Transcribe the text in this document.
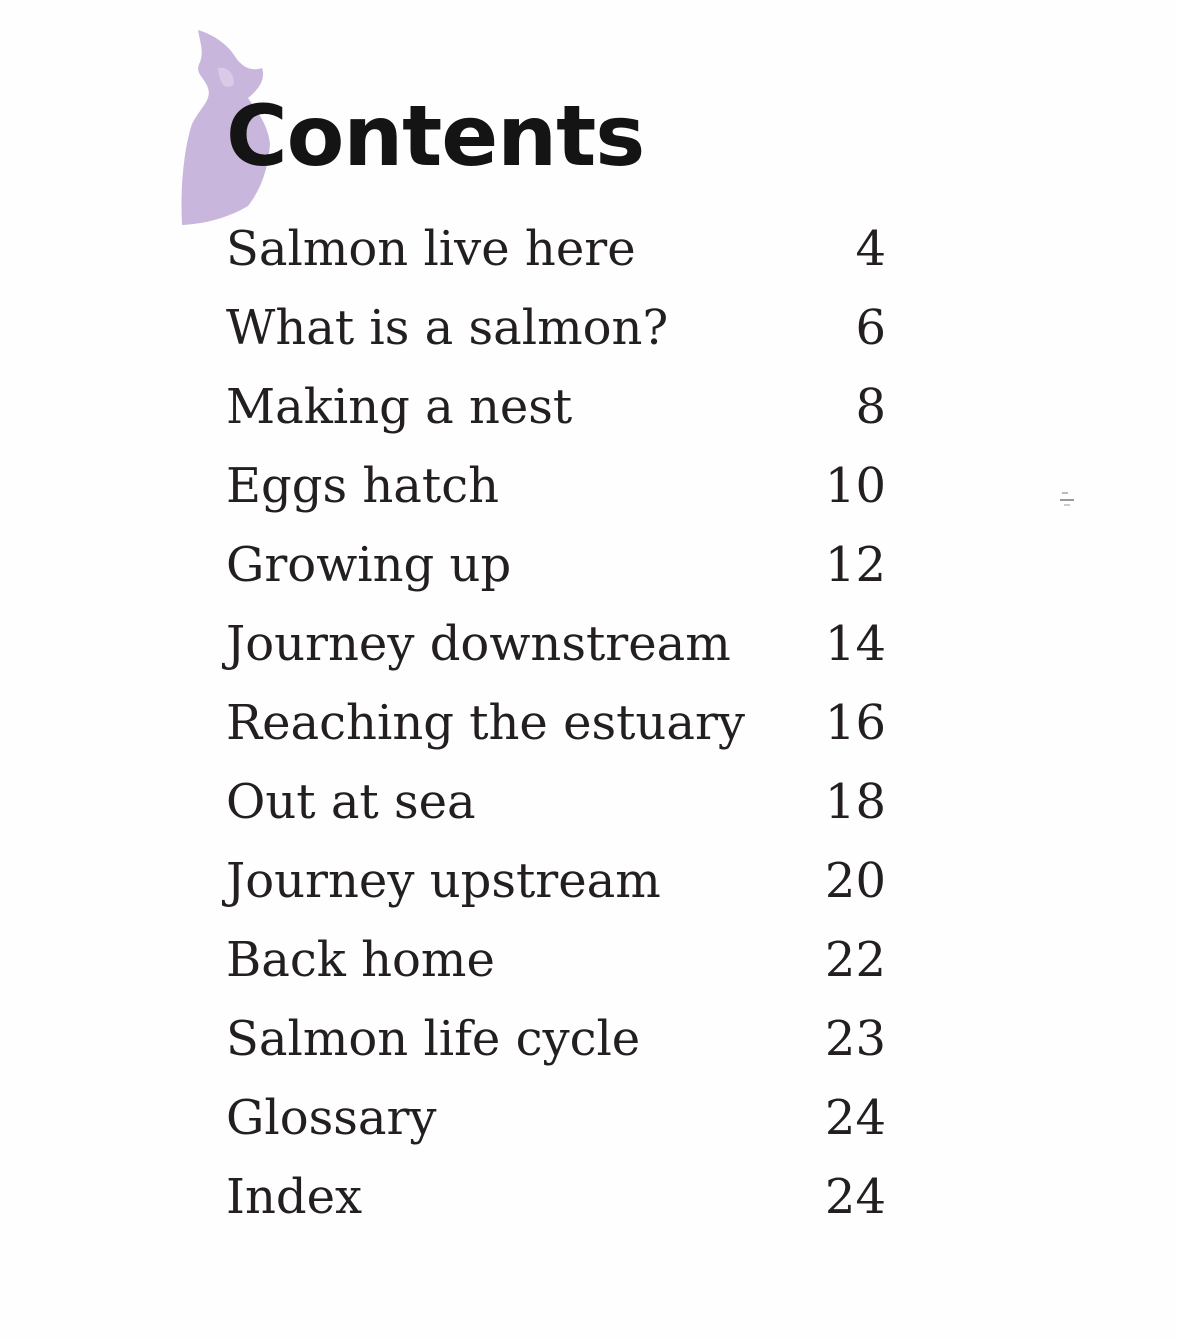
Contents
Salmon live here	4
What is a salmon?	6
Making a nest	8
Eggs hatch	10
Growing up	12
Journey downstream 14
Reaching the estuary 16
Out at sea	18
Journey upstream	20
Back home	22
Salmon life cycle	23
Glossary	24
Index	24
